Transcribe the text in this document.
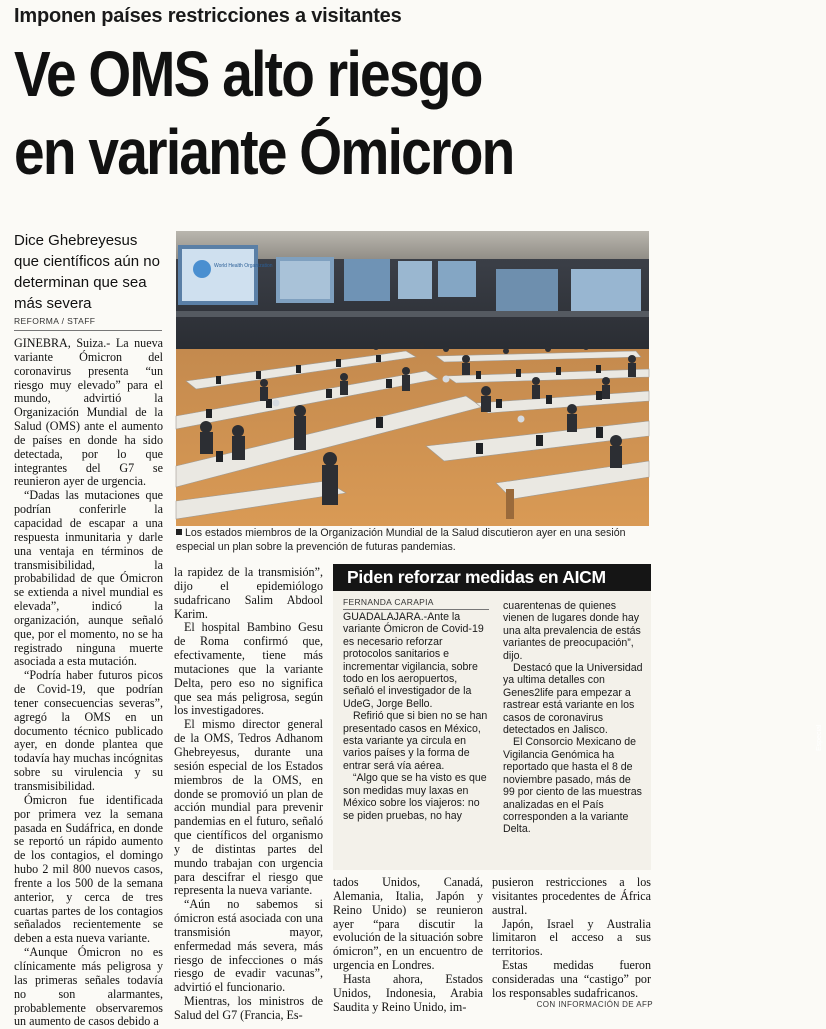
Imponen países restricciones a visitantes
Ve OMS alto riesgo
en variante Ómicron
Dice Ghebreyesus que científicos aún no determinan que sea más severa
REFORMA / STAFF

GINEBRA, Suiza.- La nueva variante Ómicron del coronavirus presenta “un riesgo muy elevado” para el mundo, advirtió la Organización Mundial de la Salud (OMS) ante el aumento de países en donde ha sido detectada, por lo que integrantes del G7 se reunieron ayer de urgencia.

“Dadas las mutaciones que podrían conferirle la capacidad de escapar a una respuesta inmunitaria y darle una ventaja en términos de transmisibilidad, la probabilidad de que Ómicron se extienda a nivel mundial es elevada”, indicó la organización, aunque señaló que, por el momento, no se ha registrado ninguna muerte asociada a esta mutación.

“Podría haber futuros picos de Covid-19, que podrían tener consecuencias severas”, agregó la OMS en un documento técnico publicado ayer, en donde plantea que todavía hay muchas incógnitas sobre su virulencia y su transmisibilidad.

Ómicron fue identificada por primera vez la semana pasada en Sudáfrica, en donde se reportó un rápido aumento de los contagios, el domingo hubo 2 mil 800 nuevos casos, frente a los 500 de la semana anterior, y cerca de tres cuartas partes de los contagios señalados recientemente se deben a esta nueva variante.

“Aunque Ómicron no es clínicamente más peligrosa y las primeras señales todavía no son alarmantes, probablemente observaremos un aumento de casos debido a

World Health Organization
Especial
Los estados miembros de la Organización Mundial de la Salud discutieron ayer en una sesión especial un plan sobre la prevención de futuras pandemias.

la rapidez de la transmisión”, dijo el epidemiólogo sudafricano Salim Abdool Karim.

El hospital Bambino Gesu de Roma confirmó que, efectivamente, tiene más mutaciones que la variante Delta, pero eso no significa que sea más peligrosa, según los investigadores.

El mismo director general de la OMS, Tedros Adhanom Ghebreyesus, durante una sesión especial de los Estados miembros de la OMS, en donde se promovió un plan de acción mundial para prevenir pandemias en el futuro, señaló que científicos del organismo y de distintas partes del mundo trabajan con urgencia para descifrar el riesgo que representa la nueva variante.

“Aún no sabemos si ómicron está asociada con una transmisión mayor, enfermedad más severa, más riesgo de infecciones o más riesgo de evadir vacunas”, advirtió el funcionario.

Mientras, los ministros de Salud del G7 (Francia, Es-

Piden reforzar medidas en AICM
FERNANDA CARAPIA

GUADALAJARA.-Ante la variante Ómicron de Covid-19 es necesario reforzar protocolos sanitarios e incrementar vigilancia, sobre todo en los aeropuertos, señaló el investigador de la UdeG, Jorge Bello.

Refirió que si bien no se han presentado casos en México, esta variante ya circula en varios países y la forma de entrar será vía aérea.

“Algo que se ha visto es que son medidas muy laxas en México sobre los viajeros: no se piden pruebas, no hay

cuarentenas de quienes vienen de lugares donde hay una alta prevalencia de estás variantes de preocupación”, dijo.

Destacó que la Universidad ya ultima detalles con Genes2life para empezar a rastrear está variante en los casos de coronavirus detectados en Jalisco.

El Consorcio Mexicano de Vigilancia Genómica ha reportado que hasta el 8 de noviembre pasado, más de 99 por ciento de las muestras analizadas en el País corresponden a la variante Delta.

tados Unidos, Canadá, Alemania, Italia, Japón y Reino Unido) se reunieron ayer “para discutir la evolución de la situación sobre ómicron”, en un encuentro de urgencia en Londres.

Hasta ahora, Estados Unidos, Indonesia, Arabia Saudita y Reino Unido, im-

pusieron restricciones a los visitantes procedentes de África austral.

Japón, Israel y Australia limitaron el acceso a sus territorios.

Estas medidas fueron consideradas una “castigo” por los responsables sudafricanos.

CON INFORMACIÓN DE AFP
